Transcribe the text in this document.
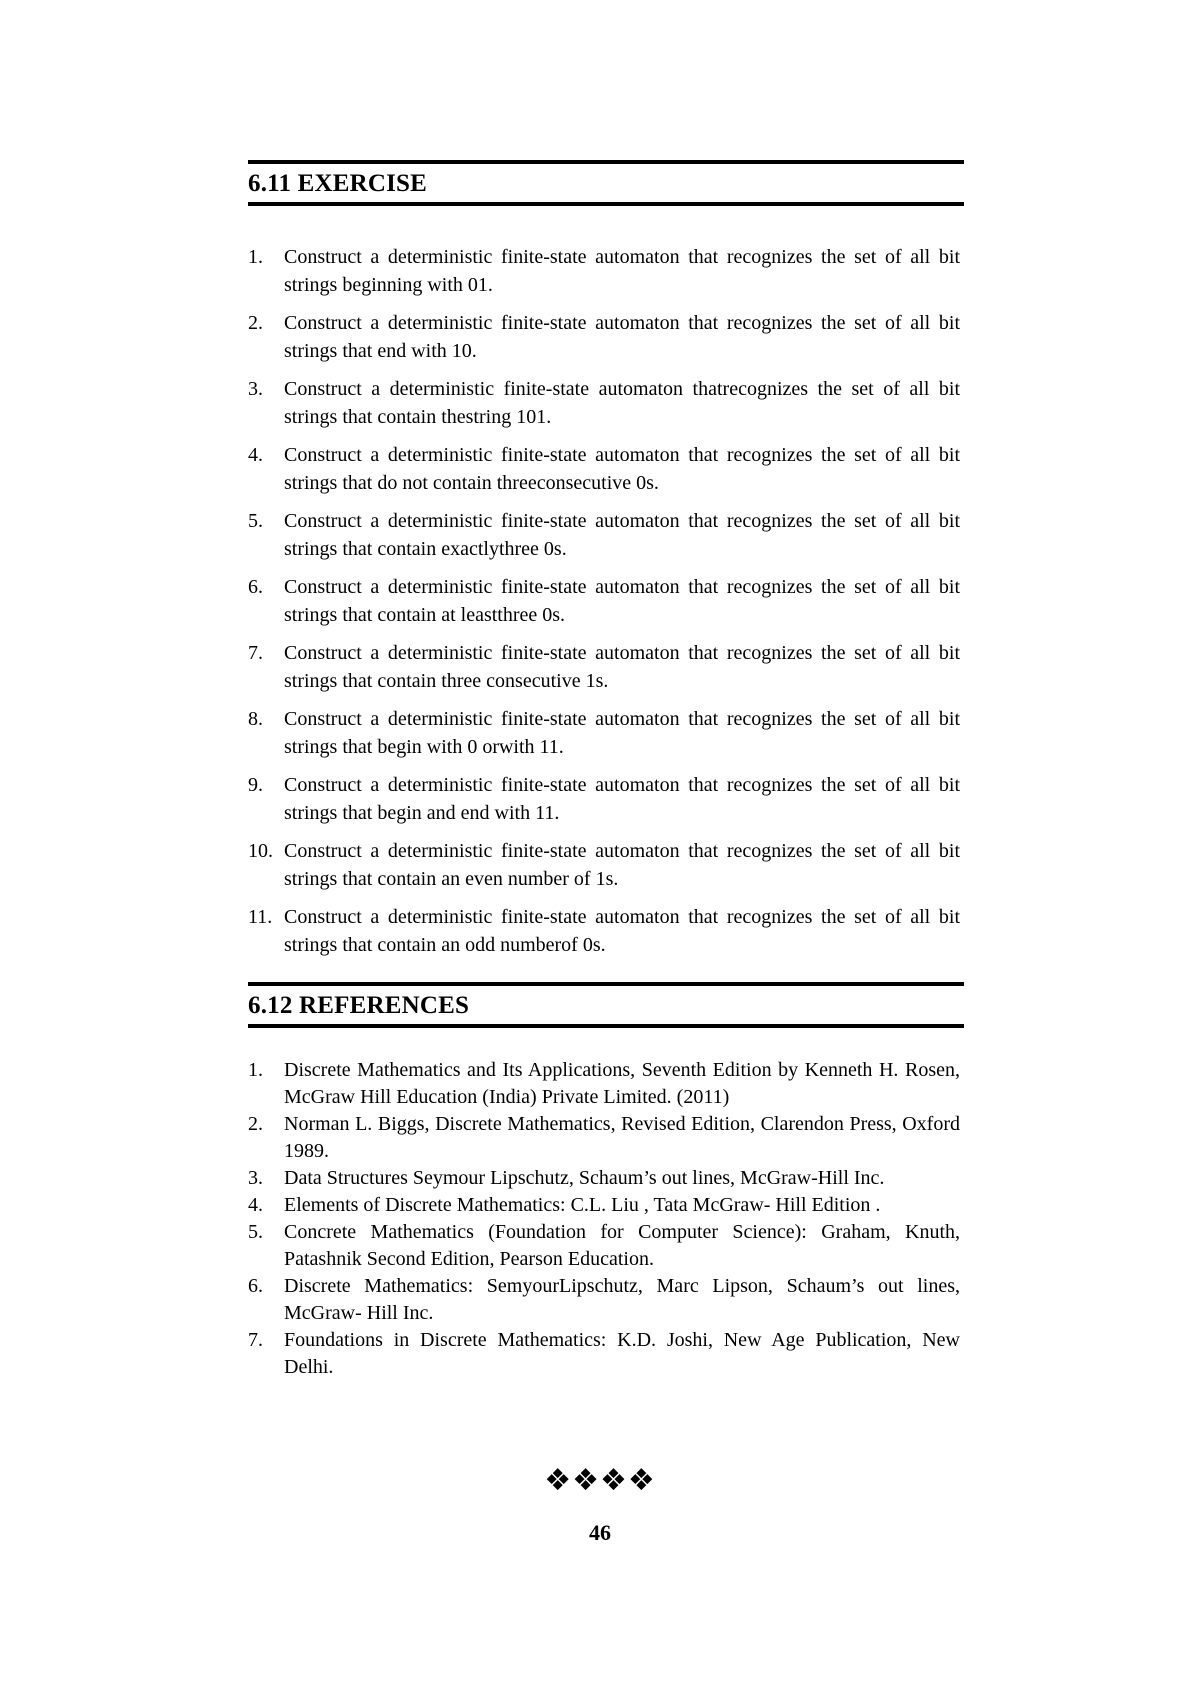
6.11 EXERCISE
1. Construct a deterministic finite-state automaton that recognizes the set of all bit strings beginning with 01.
2. Construct a deterministic finite-state automaton that recognizes the set of all bit strings that end with 10.
3. Construct a deterministic finite-state automaton thatrecognizes the set of all bit strings that contain thestring 101.
4. Construct a deterministic finite-state automaton that recognizes the set of all bit strings that do not contain threeconsecutive 0s.
5. Construct a deterministic finite-state automaton that recognizes the set of all bit strings that contain exactlythree 0s.
6. Construct a deterministic finite-state automaton that recognizes the set of all bit strings that contain at leastthree 0s.
7. Construct a deterministic finite-state automaton that recognizes the set of all bit strings that contain three consecutive 1s.
8. Construct a deterministic finite-state automaton that recognizes the set of all bit strings that begin with 0 orwith 11.
9. Construct a deterministic finite-state automaton that recognizes the set of all bit strings that begin and end with 11.
10. Construct a deterministic finite-state automaton that recognizes the set of all bit strings that contain an even number of 1s.
11. Construct a deterministic finite-state automaton that recognizes the set of all bit strings that contain an odd numberof 0s.
6.12 REFERENCES
1. Discrete Mathematics and Its Applications, Seventh Edition by Kenneth H. Rosen, McGraw Hill Education (India) Private Limited. (2011)
2. Norman L. Biggs, Discrete Mathematics, Revised Edition, Clarendon Press, Oxford 1989.
3. Data Structures Seymour Lipschutz, Schaum’s out lines, McGraw-Hill Inc.
4. Elements of Discrete Mathematics: C.L. Liu , Tata McGraw- Hill Edition .
5. Concrete Mathematics (Foundation for Computer Science): Graham, Knuth, Patashnik Second Edition, Pearson Education.
6. Discrete Mathematics: SemyourLipschutz, Marc Lipson, Schaum’s out lines, McGraw- Hill Inc.
7. Foundations in Discrete Mathematics: K.D. Joshi, New Age Publication, New Delhi.
❖❖❖❖
46
